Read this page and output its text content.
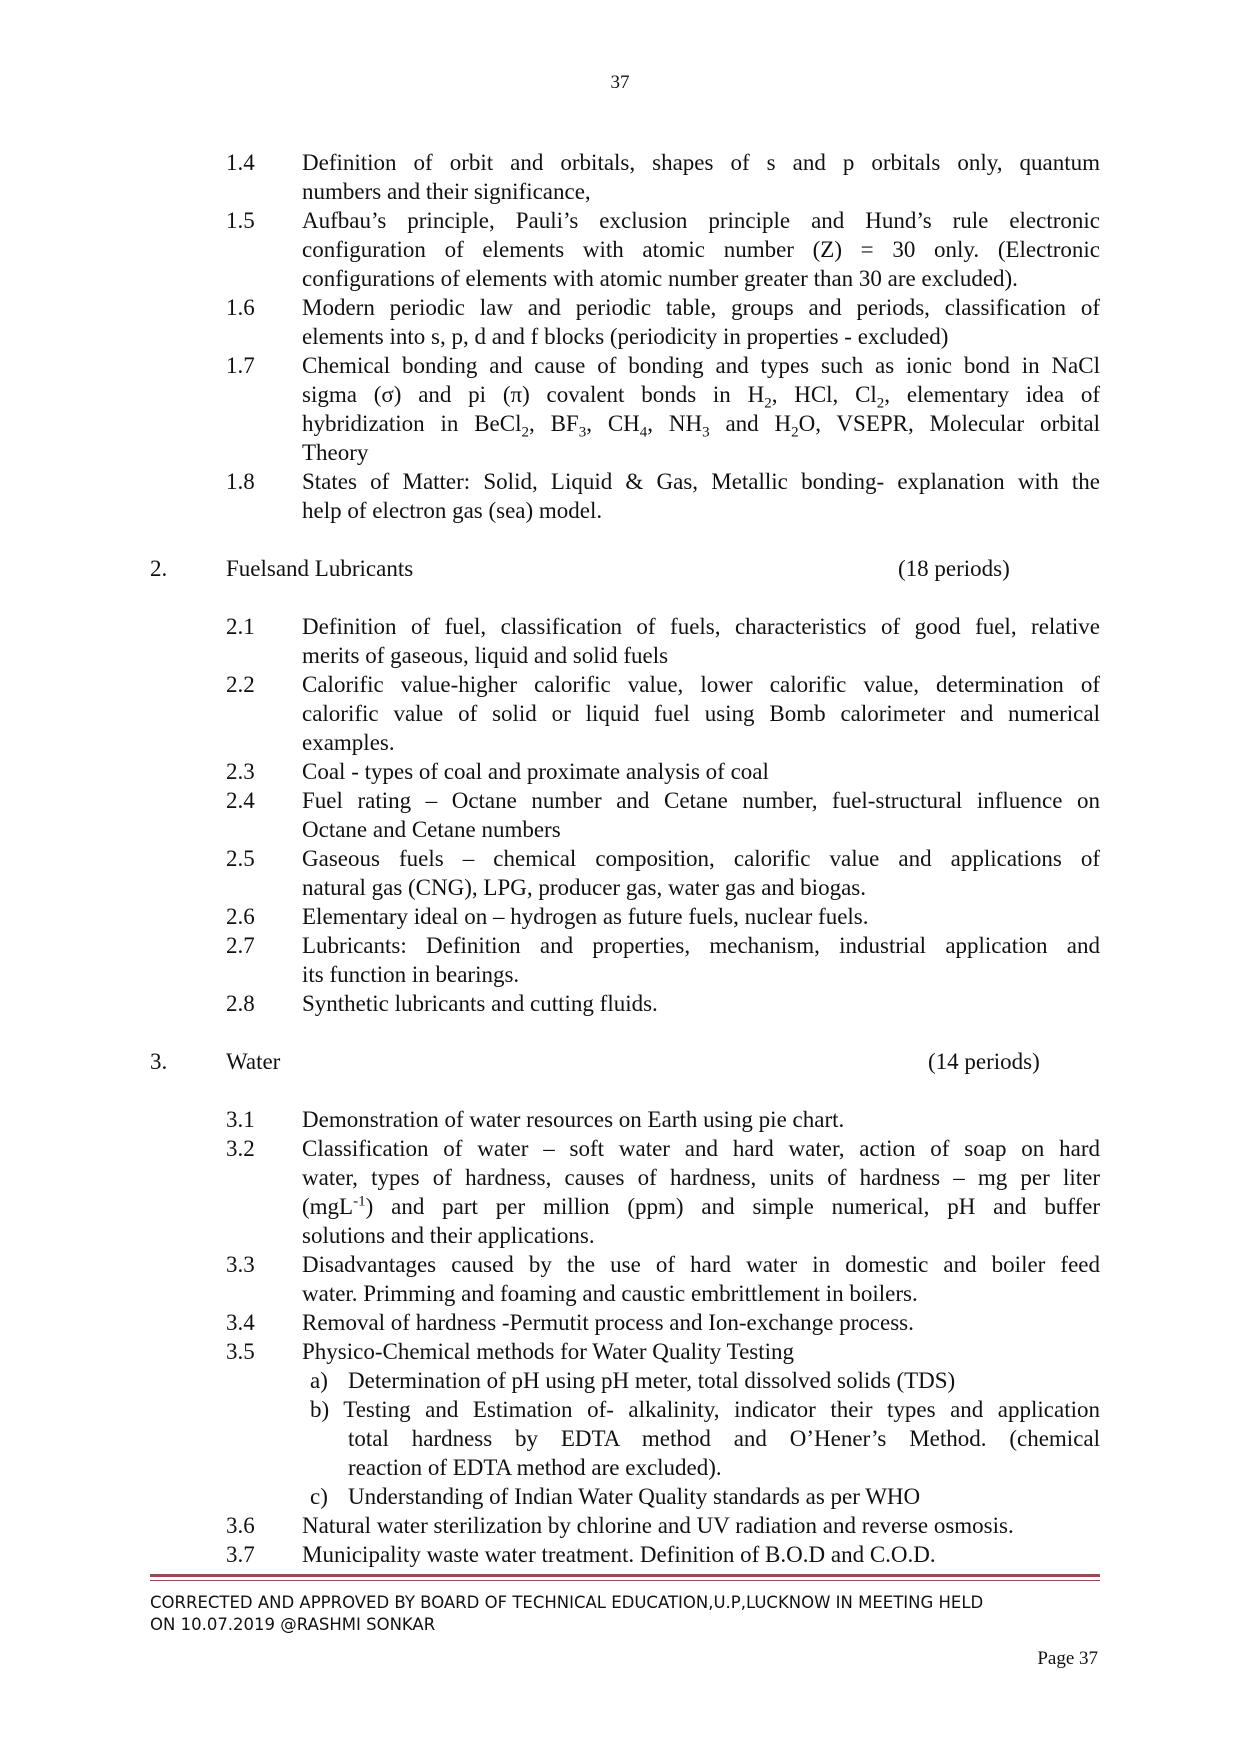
37
1.4 Definition of orbit and orbitals, shapes of s and p orbitals only, quantum
numbers and their significance,
1.5 Aufbau’s principle, Pauli’s exclusion principle and Hund’s rule electronic
configuration of elements with atomic number (Z) = 30 only. (Electronic
configurations of elements with atomic number greater than 30 are excluded).
1.6 Modern periodic law and periodic table, groups and periods, classification of
elements into s, p, d and f blocks (periodicity in properties - excluded)
1.7 Chemical bonding and cause of bonding and types such as ionic bond in NaCl
sigma (σ) and pi (π) covalent bonds in $H_2$, HCl, $Cl_2$, elementary idea of
hybridization in BeCl$_2$, $BF_3$, $CH_4$, $NH_3$ and $H_2O$, VSEPR, Molecular orbital
Theory
1.8 States of Matter: Solid, Liquid & Gas, Metallic bonding- explanation with the
help of electron gas (sea) model.
2.	Fuelsand Lubricants	(18 periods)
2.1 Definition of fuel, classification of fuels, characteristics of good fuel, relative
merits of gaseous, liquid and solid fuels
2.2 Calorific value-higher calorific value, lower calorific value, determination of
calorific value of solid or liquid fuel using Bomb calorimeter and numerical
examples.
2.3 Coal - types of coal and proximate analysis of coal
2.4 Fuel rating – Octane number and Cetane number, fuel-structural influence on
Octane and Cetane numbers
2.5 Gaseous fuels – chemical composition, calorific value and applications of
natural gas (CNG), LPG, producer gas, water gas and biogas.
2.6 Elementary ideal on – hydrogen as future fuels, nuclear fuels.
2.7 Lubricants: Definition and properties, mechanism, industrial application and
its function in bearings.
2.8 Synthetic lubricants and cutting fluids.
3.	Water	(14 periods)
3.1 Demonstration of water resources on Earth using pie chart.
3.2 Classification of water – soft water and hard water, action of soap on hard
water, types of hardness, causes of hardness, units of hardness – mg per liter
(mgL$^{-1}$) and part per million (ppm) and simple numerical, pH and buffer
solutions and their applications.
3.3 Disadvantages caused by the use of hard water in domestic and boiler feed
water. Primming and foaming and caustic embrittlement in boilers.
3.4 Removal of hardness -Permutit process and Ion-exchange process.
3.5 Physico-Chemical methods for Water Quality Testing
a) Determination of pH using pH meter, total dissolved solids (TDS)
b) Testing and Estimation of- alkalinity, indicator their types and application
total hardness by EDTA method and O’Hener’s Method. (chemical
reaction of EDTA method are excluded).
c) Understanding of Indian Water Quality standards as per WHO
3.6 Natural water sterilization by chlorine and UV radiation and reverse osmosis.
3.7 Municipality waste water treatment. Definition of B.O.D and C.O.D.
CORRECTED AND APPROVED BY BOARD OF TECHNICAL EDUCATION,U.P,LUCKNOW IN MEETING HELD
ON 10.07.2019 @RASHMI SONKAR
Page 37
